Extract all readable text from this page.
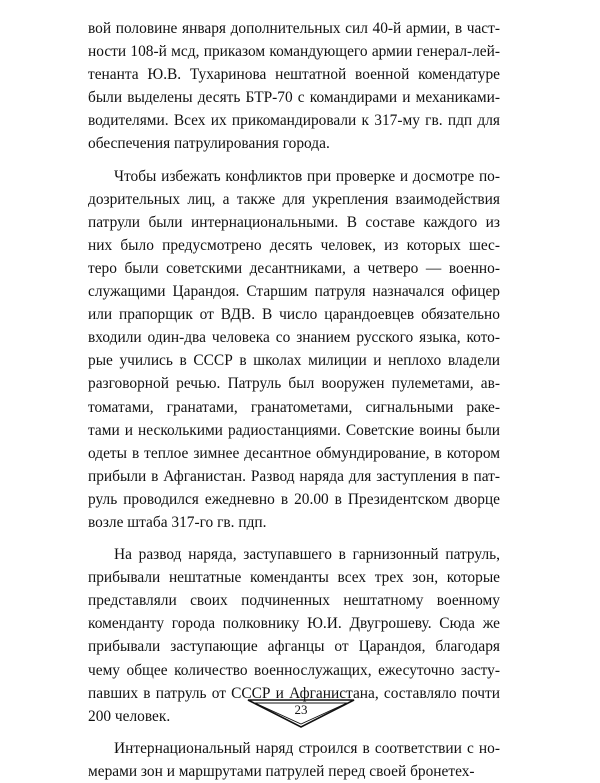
вой половине января дополнительных сил 40-й армии, в част-
ности 108-й мсд, приказом командующего армии генерал-лей-
тенанта Ю.В. Тухаринова нештатной военной комендатуре
были выделены десять БТР-70 с командирами и механиками-
водителями. Всех их прикомандировали к 317-му гв. пдп для
обеспечения патрулирования города.
Чтобы избежать конфликтов при проверке и досмотре по-
дозрительных лиц, а также для укрепления взаимодействия
патрули были интернациональными. В составе каждого из
них было предусмотрено десять человек, из которых шес-
теро были советскими десантниками, а четверо — военно-
служащими Царандоя. Старшим патруля назначался офицер
или прапорщик от ВДВ. В число царандоевцев обязательно
входили один-два человека со знанием русского языка, кото-
рые учились в СССР в школах милиции и неплохо владели
разговорной речью. Патруль был вооружен пулеметами, ав-
томатами, гранатами, гранатометами, сигнальными раке-
тами и несколькими радиостанциями. Советские воины были
одеты в теплое зимнее десантное обмундирование, в котором
прибыли в Афганистан. Развод наряда для заступления в пат-
руль проводился ежедневно в 20.00 в Президентском дворце
возле штаба 317-го гв. пдп.
На развод наряда, заступавшего в гарнизонный патруль,
прибывали нештатные коменданты всех трех зон, которые
представляли своих подчиненных нештатному военному
коменданту города полковнику Ю.И. Двугрошеву. Сюда же
прибывали заступающие афганцы от Царандоя, благодаря
чему общее количество военнослужащих, ежесуточно засту-
павших в патруль от СССР и Афганистана, составляло почти
200 человек.
Интернациональный наряд строился в соответствии с но-
мерами зон и маршрутами патрулей перед своей бронетех-
23
